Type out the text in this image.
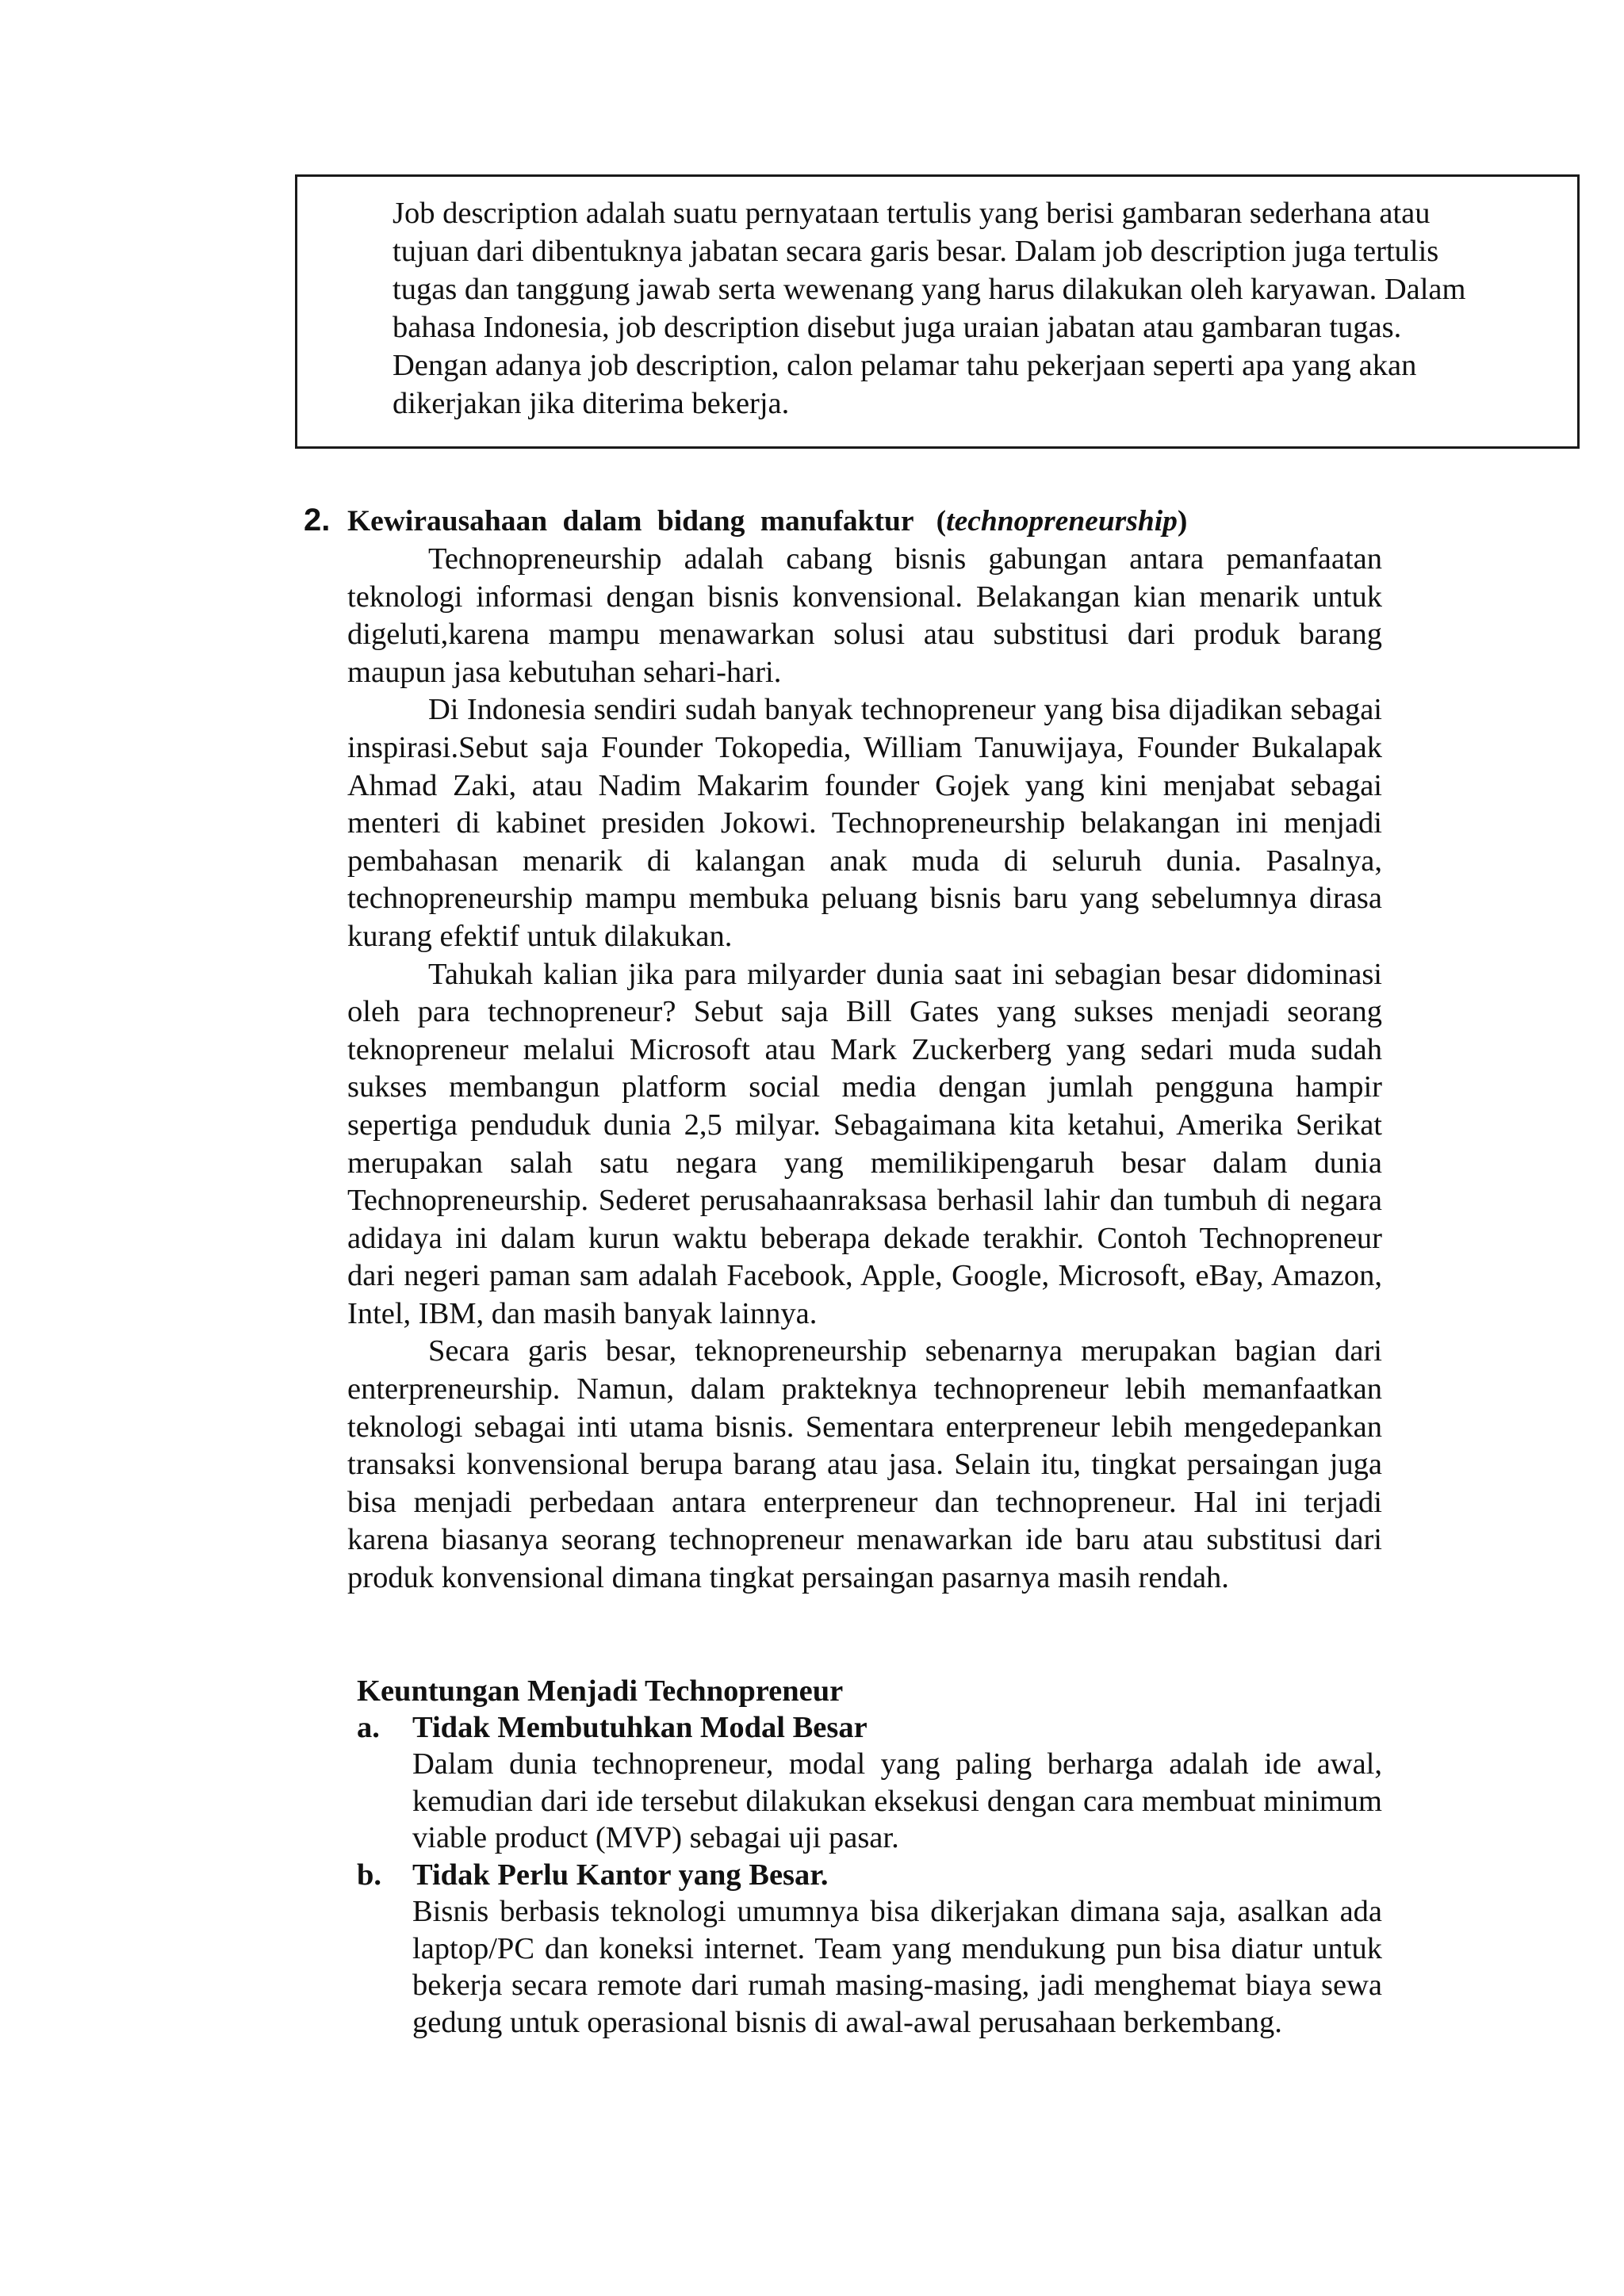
Job description adalah suatu pernyataan tertulis yang berisi gambaran sederhana atau tujuan dari dibentuknya jabatan secara garis besar. Dalam job description juga tertulis tugas dan tanggung jawab serta wewenang yang harus dilakukan oleh karyawan. Dalam bahasa Indonesia, job description disebut juga uraian jabatan atau gambaran tugas. Dengan adanya job description, calon pelamar tahu pekerjaan seperti apa yang akan dikerjakan jika diterima bekerja.

2. Kewirausahaan dalam bidang manufaktur (technopreneurship)

Technopreneurship adalah cabang bisnis gabungan antara pemanfaatan teknologi informasi dengan bisnis konvensional. Belakangan kian menarik untuk digeluti,karena mampu menawarkan solusi atau substitusi dari produk barang maupun jasa kebutuhan sehari-hari.

Di Indonesia sendiri sudah banyak technopreneur yang bisa dijadikan sebagai inspirasi.Sebut saja Founder Tokopedia, William Tanuwijaya, Founder Bukalapak Ahmad Zaki, atau Nadim Makarim founder Gojek yang kini menjabat sebagai menteri di kabinet presiden Jokowi. Technopreneurship belakangan ini menjadi pembahasan menarik di kalangan anak muda di seluruh dunia. Pasalnya, technopreneurship mampu membuka peluang bisnis baru yang sebelumnya dirasa kurang efektif untuk dilakukan.

Tahukah kalian jika para milyarder dunia saat ini sebagian besar didominasi oleh para technopreneur? Sebut saja Bill Gates yang sukses menjadi seorang teknopreneur melalui Microsoft atau Mark Zuckerberg yang sedari muda sudah sukses membangun platform social media dengan jumlah pengguna hampir sepertiga penduduk dunia 2,5 milyar. Sebagaimana kita ketahui, Amerika Serikat merupakan salah satu negara yang memilikipengaruh besar dalam dunia Technopreneurship. Sederet perusahaanraksasa berhasil lahir dan tumbuh di negara adidaya ini dalam kurun waktu beberapa dekade terakhir. Contoh Technopreneur dari negeri paman sam adalah Facebook, Apple, Google, Microsoft, eBay, Amazon, Intel, IBM, dan masih banyak lainnya.

Secara garis besar, teknopreneurship sebenarnya merupakan bagian dari enterpreneurship. Namun, dalam prakteknya technopreneur lebih memanfaatkan teknologi sebagai inti utama bisnis. Sementara enterpreneur lebih mengedepankan transaksi konvensional berupa barang atau jasa. Selain itu, tingkat persaingan juga bisa menjadi perbedaan antara enterpreneur dan technopreneur. Hal ini terjadi karena biasanya seorang technopreneur menawarkan ide baru atau substitusi dari produk konvensional dimana tingkat persaingan pasarnya masih rendah.

Keuntungan Menjadi Technopreneur

a. Tidak Membutuhkan Modal Besar

Dalam dunia technopreneur, modal yang paling berharga adalah ide awal, kemudian dari ide tersebut dilakukan eksekusi dengan cara membuat minimum viable product (MVP) sebagai uji pasar.

b. Tidak Perlu Kantor yang Besar.

Bisnis berbasis teknologi umumnya bisa dikerjakan dimana saja, asalkan ada laptop/PC dan koneksi internet. Team yang mendukung pun bisa diatur untuk bekerja secara remote dari rumah masing-masing, jadi menghemat biaya sewa gedung untuk operasional bisnis di awal-awal perusahaan berkembang.
